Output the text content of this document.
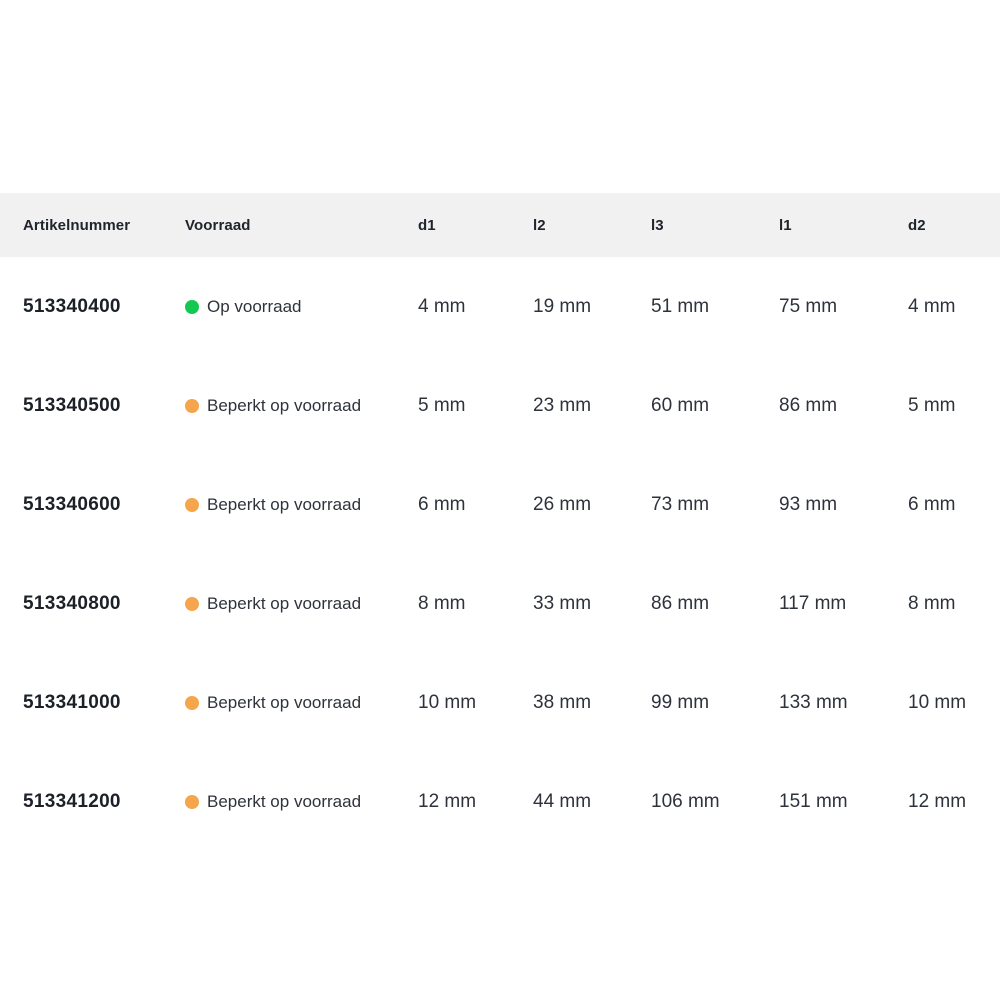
Artikelnummer	Voorraad	d1	l2	l3	l1	d2
513340400	Op voorraad	4 mm	19 mm	51 mm	75 mm	4 mm
513340500	Beperkt op voorraad	5 mm	23 mm	60 mm	86 mm	5 mm
513340600	Beperkt op voorraad	6 mm	26 mm	73 mm	93 mm	6 mm
513340800	Beperkt op voorraad	8 mm	33 mm	86 mm	117 mm	8 mm
513341000	Beperkt op voorraad	10 mm	38 mm	99 mm	133 mm	10 mm
513341200	Beperkt op voorraad	12 mm	44 mm	106 mm	151 mm	12 mm
